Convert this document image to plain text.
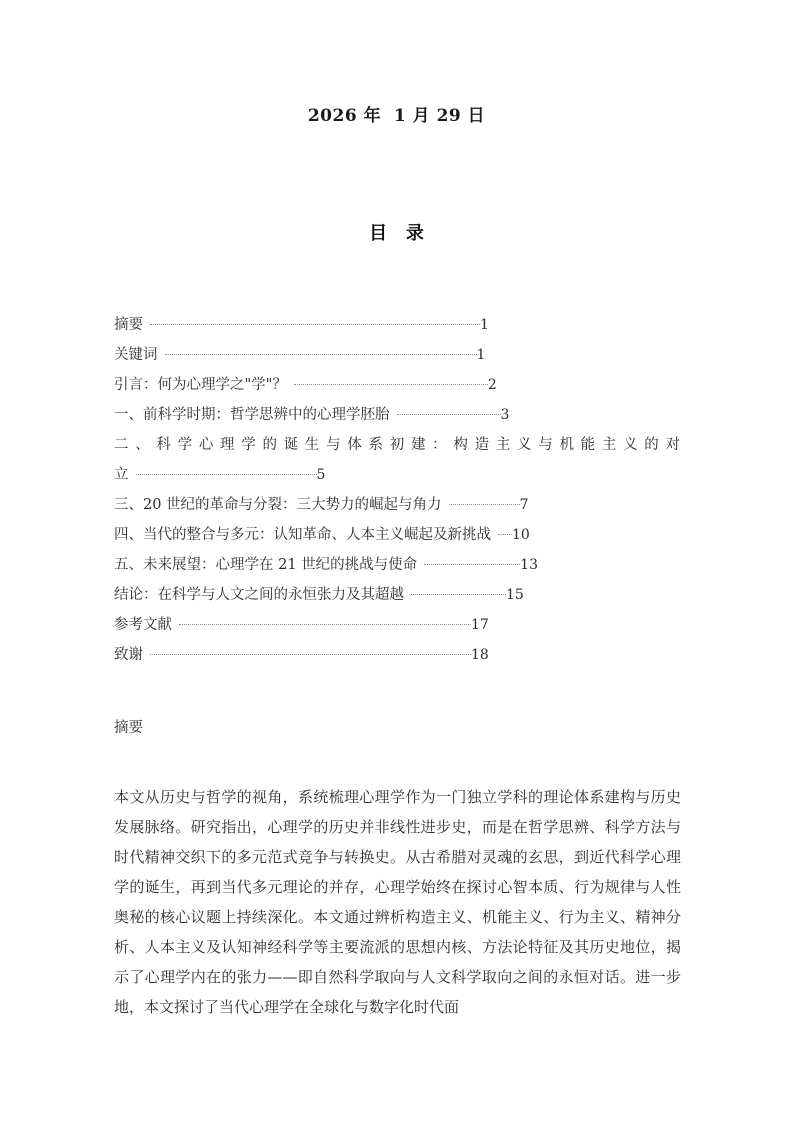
2026 年  1 月 29 日
目   录
摘要	1
关键词	1
引言：何为心理学之"学"？	2
一、前科学时期：哲学思辨中的心理学胚胎	3
二、科学心理学的诞生与体系初建：构造主义与机能主义的对
立	5
三、20 世纪的革命与分裂：三大势力的崛起与角力	7
四、当代的整合与多元：认知革命、人本主义崛起及新挑战 10
五、未来展望：心理学在 21 世纪的挑战与使命	13
结论：在科学与人文之间的永恒张力及其超越	15
参考文献	17
致谢	18
摘要
本文从历史与哲学的视角，系统梳理心理学作为一门独立学科的理论体系建构与历史发展脉络。研究指出，心理学的历史并非线性进步史，而是在哲学思辨、科学方法与时代精神交织下的多元范式竞争与转换史。从古希腊对灵魂的玄思，到近代科学心理学的诞生，再到当代多元理论的并存，心理学始终在探讨心智本质、行为规律与人性奥秘的核心议题上持续深化。本文通过辨析构造主义、机能主义、行为主义、精神分析、人本主义及认知神经科学等主要流派的思想内核、方法论特征及其历史地位，揭示了心理学内在的张力——即自然科学取向与人文科学取向之间的永恒对话。进一步地，本文探讨了当代心理学在全球化与数字化时代面
